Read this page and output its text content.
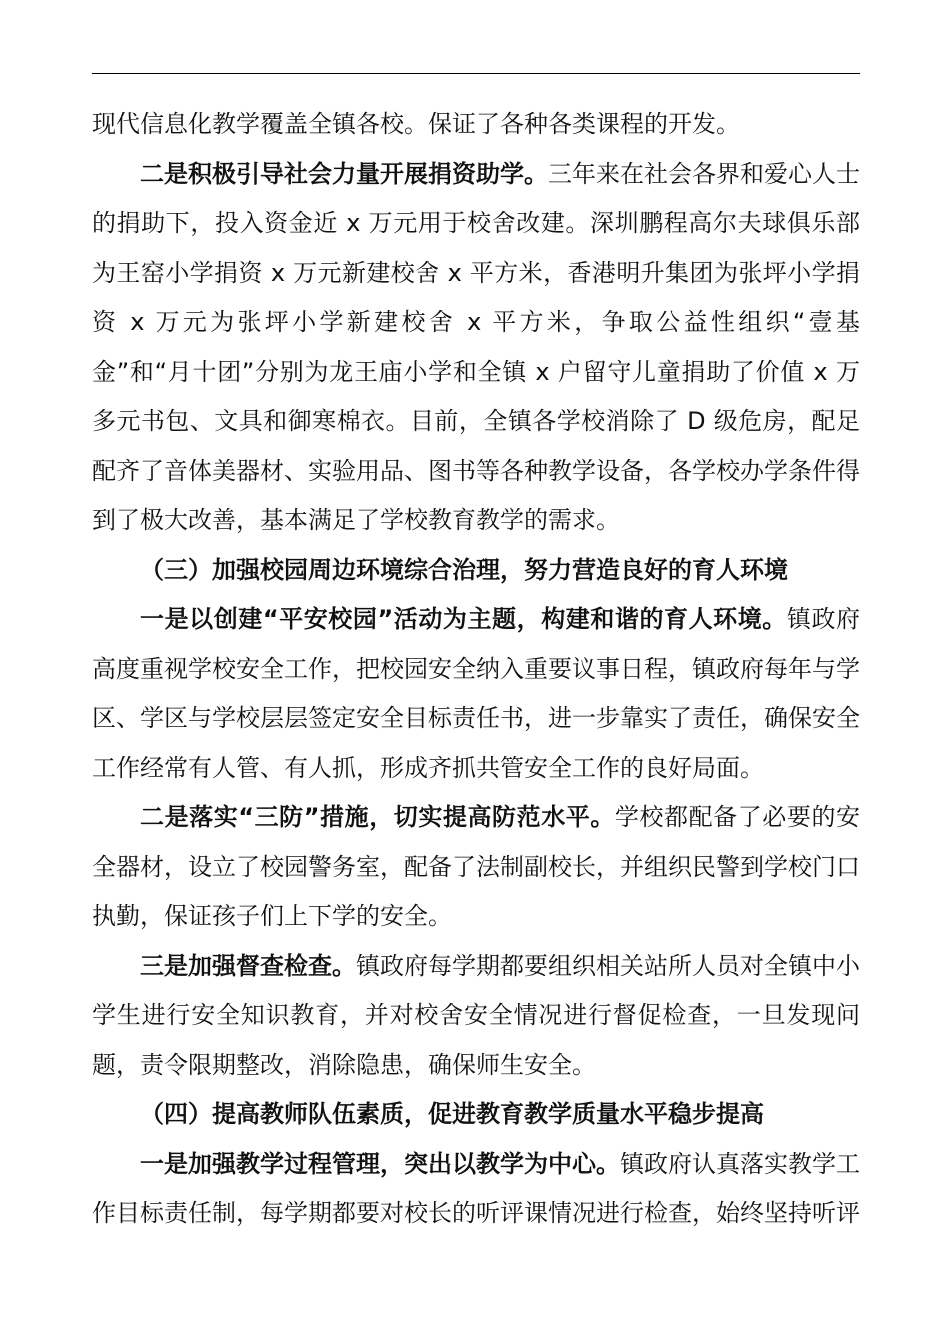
现代信息化教学覆盖全镇各校。保证了各种各类课程的开发。

二是积极引导社会力量开展捐资助学。三年来在社会各界和爱心人士的捐助下，投入资金近 x 万元用于校舍改建。深圳鹏程高尔夫球俱乐部为王窑小学捐资 x 万元新建校舍 x 平方米，香港明升集团为张坪小学捐资 x 万元为张坪小学新建校舍 x 平方米，争取公益性组织“壹基金”和“月十团”分别为龙王庙小学和全镇 x 户留守儿童捐助了价值 x 万多元书包、文具和御寒棉衣。目前，全镇各学校消除了 D 级危房，配足配齐了音体美器材、实验用品、图书等各种教学设备，各学校办学条件得到了极大改善，基本满足了学校教育教学的需求。

（三）加强校园周边环境综合治理，努力营造良好的育人环境

一是以创建“平安校园”活动为主题，构建和谐的育人环境。镇政府高度重视学校安全工作，把校园安全纳入重要议事日程，镇政府每年与学区、学区与学校层层签定安全目标责任书，进一步靠实了责任，确保安全工作经常有人管、有人抓，形成齐抓共管安全工作的良好局面。

二是落实“三防”措施，切实提高防范水平。学校都配备了必要的安全器材，设立了校园警务室，配备了法制副校长，并组织民警到学校门口执勤，保证孩子们上下学的安全。

三是加强督查检查。镇政府每学期都要组织相关站所人员对全镇中小学生进行安全知识教育，并对校舍安全情况进行督促检查，一旦发现问题，责令限期整改，消除隐患，确保师生安全。

（四）提高教师队伍素质，促进教育教学质量水平稳步提高

一是加强教学过程管理，突出以教学为中心。镇政府认真落实教学工作目标责任制，每学期都要对校长的听评课情况进行检查，始终坚持听评
